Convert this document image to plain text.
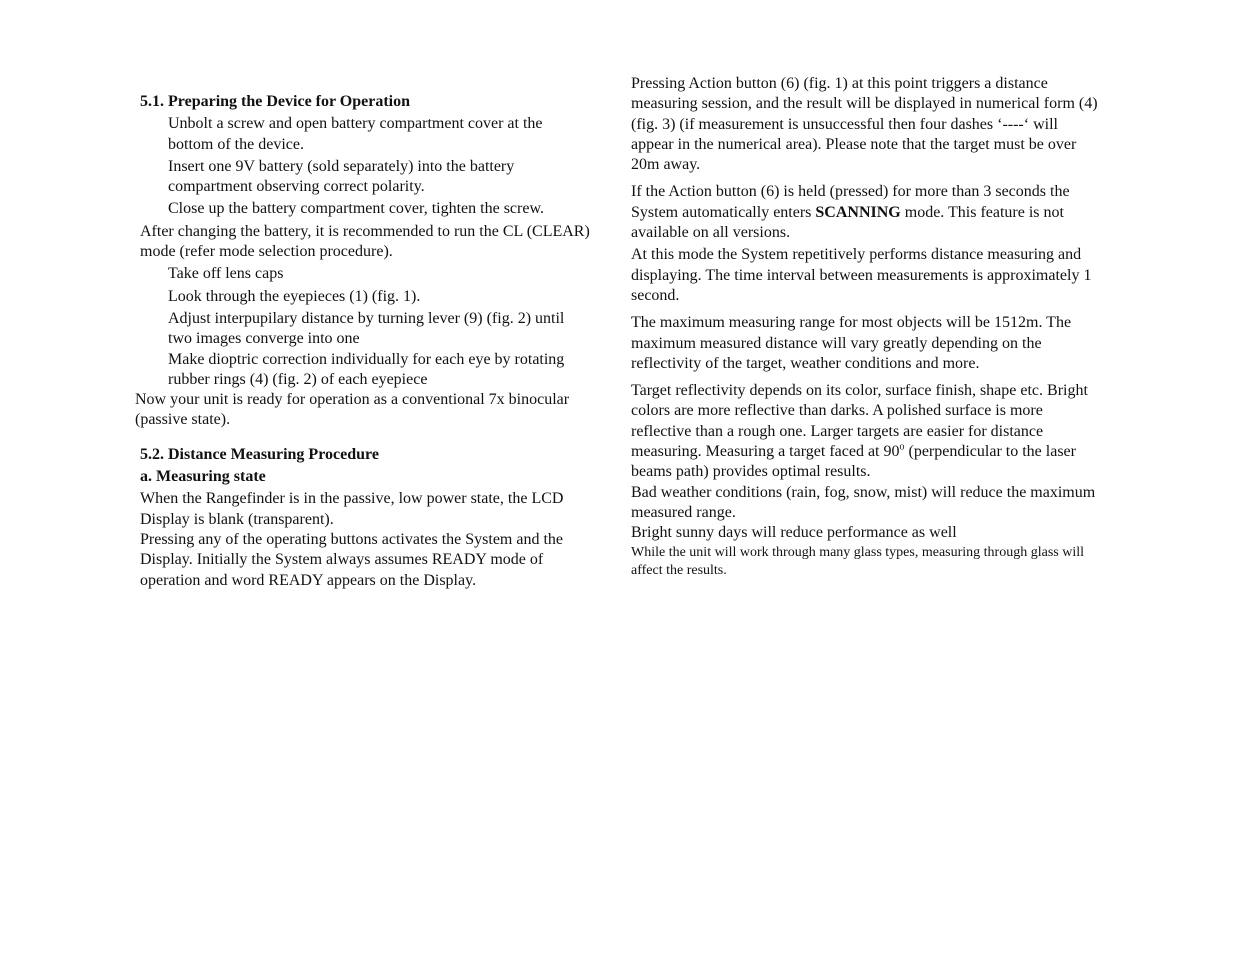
5.1. Preparing the Device for Operation

Unbolt a screw and open battery compartment cover at the bottom of the device.

Insert one 9V battery (sold separately) into the battery compartment observing correct polarity.

Close up the battery compartment cover, tighten the screw.

After changing the battery, it is recommended to run the CL (CLEAR) mode (refer mode selection procedure).

Take off lens caps

Look through the eyepieces (1) (fig. 1).

Adjust interpupilary distance by turning lever (9) (fig. 2) until two images converge into one

Make dioptric correction individually for each eye by rotating rubber rings (4) (fig. 2) of each eyepiece

Now your unit is ready for operation as a conventional 7x binocular (passive state).

5.2. Distance Measuring Procedure

a. Measuring state

When the Rangefinder is in the passive, low power state, the LCD Display is blank (transparent).

Pressing any of the operating buttons activates the System and the Display. Initially the System always assumes READY mode of operation and word READY appears on the Display.

Pressing Action button (6) (fig. 1) at this point triggers a distance measuring session, and the result will be displayed in numerical form (4) (fig. 3) (if measurement is unsuccessful then four dashes ‘----‘ will appear in the numerical area). Please note that the target must be over 20m away.

If the Action button (6) is held (pressed) for more than 3 seconds the System automatically enters SCANNING mode. This feature is not available on all versions.

At this mode the System repetitively performs distance measuring and displaying. The time interval between measurements is approximately 1 second.

The maximum measuring range for most objects will be 1512m. The maximum measured distance will vary greatly depending on the reflectivity of the target, weather conditions and more.

Target reflectivity depends on its color, surface finish, shape etc. Bright colors are more reflective than darks. A polished surface is more reflective than a rough one. Larger targets are easier for distance measuring. Measuring a target faced at 90$^o$ (perpendicular to the laser beams path) provides optimal results.

Bad weather conditions (rain, fog, snow, mist) will reduce the maximum measured range.

Bright sunny days will reduce performance as well

While the unit will work through many glass types, measuring through glass will affect the results.
